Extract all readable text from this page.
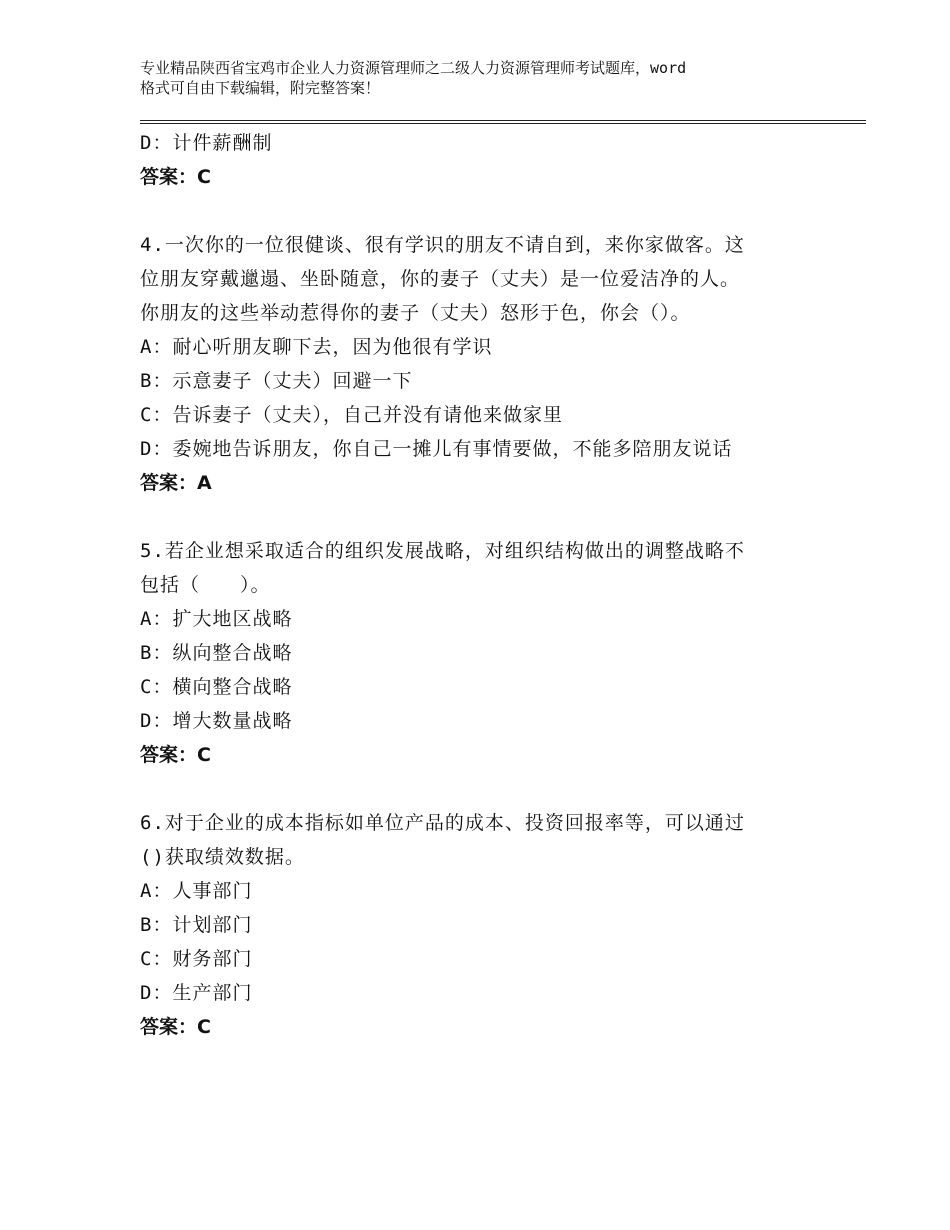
专业精品陕西省宝鸡市企业人力资源管理师之二级人力资源管理师考试题库，word
格式可自由下载编辑，附完整答案！
D：计件薪酬制
答案：C
4.一次你的一位很健谈、很有学识的朋友不请自到，来你家做客。这
位朋友穿戴邋遢、坐卧随意，你的妻子（丈夫）是一位爱洁净的人。
你朋友的这些举动惹得你的妻子（丈夫）怒形于色，你会（）。
A：耐心听朋友聊下去，因为他很有学识
B：示意妻子（丈夫）回避一下
C：告诉妻子（丈夫），自己并没有请他来做家里
D：委婉地告诉朋友，你自己一摊儿有事情要做，不能多陪朋友说话
答案：A
5.若企业想采取适合的组织发展战略，对组织结构做出的调整战略不
包括（　　）。
A：扩大地区战略
B：纵向整合战略
C：横向整合战略
D：增大数量战略
答案：C
6.对于企业的成本指标如单位产品的成本、投资回报率等，可以通过
()获取绩效数据。
A：人事部门
B：计划部门
C：财务部门
D：生产部门
答案：C
